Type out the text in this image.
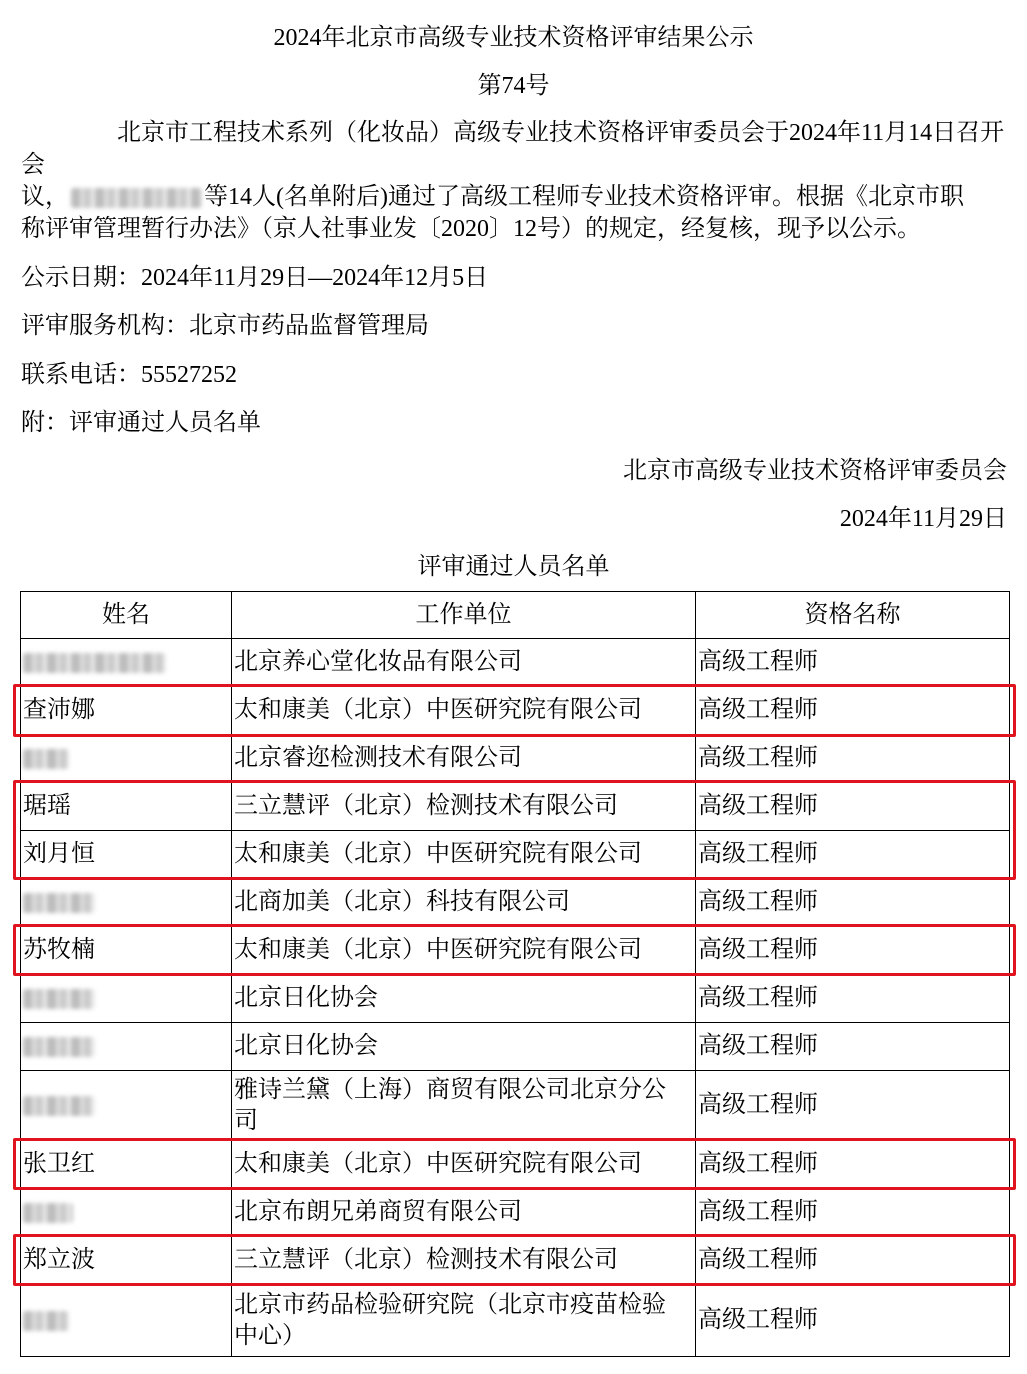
2024年北京市高级专业技术资格评审结果公示
第74号
北京市工程技术系列（化妆品）高级专业技术资格评审委员会于2024年11月14日召开
会
议，	等14人(名单附后)通过了高级工程师专业技术资格评审。根据《北京市职
称评审管理暂行办法》（京人社事业发〔2020〕12号）的规定，经复核，现予以公示。
公示日期：2024年11月29日—2024年12月5日
评审服务机构：北京市药品监督管理局
联系电话：55527252
附：评审通过人员名单
北京市高级专业技术资格评审委员会
2024年11月29日
评审通过人员名单
姓名	工作单位	资格名称

	北京养心堂化妆品有限公司	高级工程师
查沛娜	太和康美（北京）中医研究院有限公司	高级工程师

	北京睿迩检测技术有限公司	高级工程师
琚瑶	三立慧评（北京）检测技术有限公司	高级工程师
刘月恒	太和康美（北京）中医研究院有限公司	高级工程师

	北商加美（北京）科技有限公司	高级工程师
苏牧楠	太和康美（北京）中医研究院有限公司	高级工程师

	北京日化协会	高级工程师

	北京日化协会	高级工程师

	雅诗兰黛（上海）商贸有限公司北京分公司	高级工程师
张卫红	太和康美（北京）中医研究院有限公司	高级工程师

	北京布朗兄弟商贸有限公司	高级工程师
郑立波	三立慧评（北京）检测技术有限公司	高级工程师

	北京市药品检验研究院（北京市疫苗检验中心）	高级工程师
